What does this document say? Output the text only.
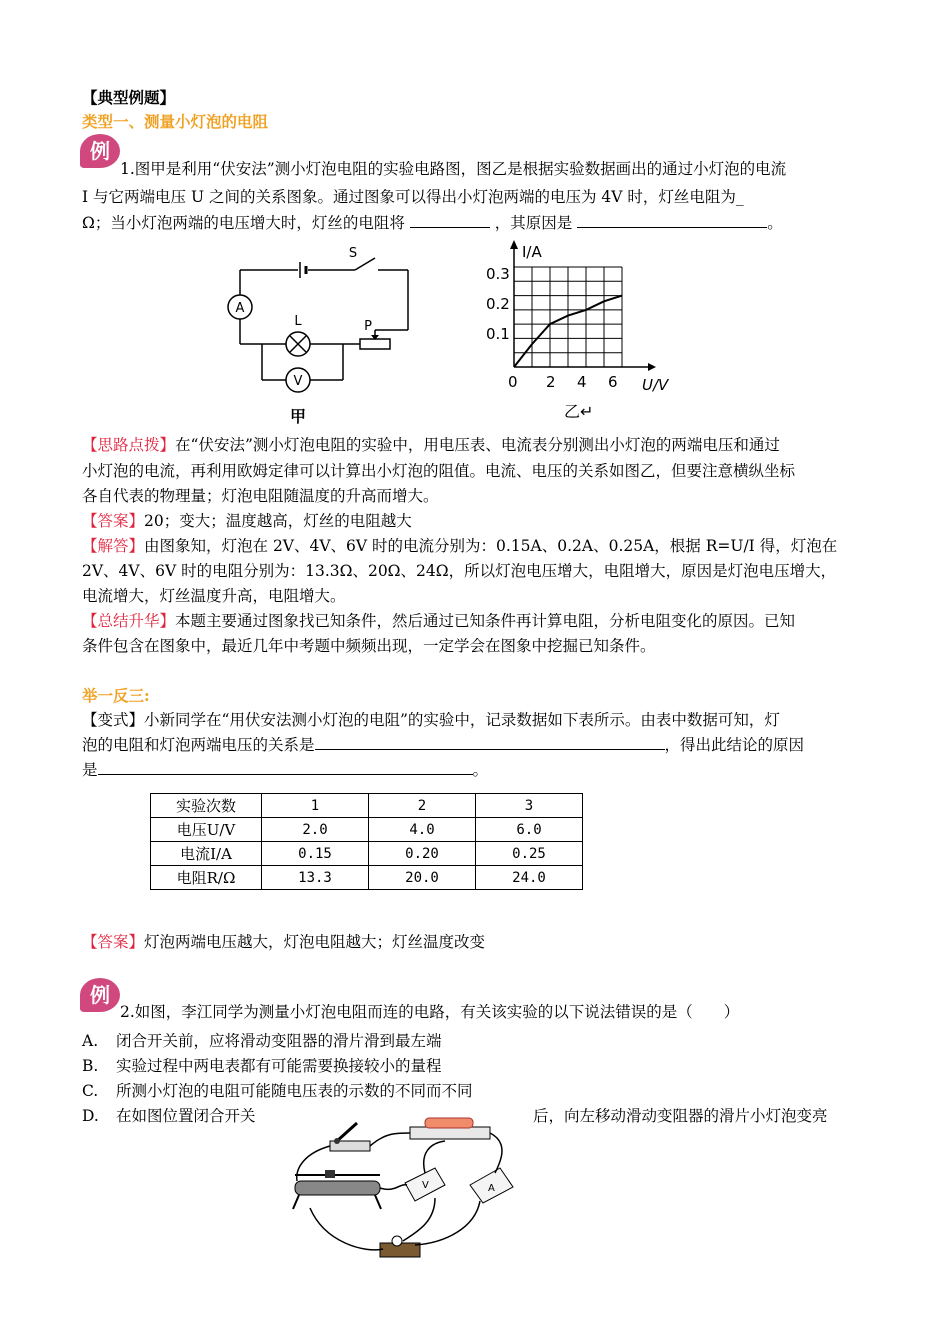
【典型例题】
类型一、测量小灯泡的电阻
例
1.图甲是利用“伏安法”测小灯泡电阻的实验电路图，图乙是根据实验数据画出的通过小灯泡的电流
I 与它两端电压 U 之间的关系图象。通过图象可以得出小灯泡两端的电压为 4V 时，灯丝电阻为_
Ω；当小灯泡两端的电压增大时，灯丝的电阻将	，其原因是	。
S
A
L	P
V
甲
I/A
U/V
0.3
0.2
0.1
0 2 4 6
乙↵
【思路点拨】在“伏安法”测小灯泡电阻的实验中，用电压表、电流表分别测出小灯泡的两端电压和通过
小灯泡的电流，再利用欧姆定律可以计算出小灯泡的阻值。电流、电压的关系如图乙，但要注意横纵坐标
各自代表的物理量；灯泡电阻随温度的升高而增大。
【答案】20；变大；温度越高，灯丝的电阻越大
【解答】由图象知，灯泡在 2V、4V、6V 时的电流分别为：0.15A、0.2A、0.25A，根据 R=U/I 得，灯泡在
2V、4V、6V 时的电阻分别为：13.3Ω、20Ω、24Ω，所以灯泡电压增大，电阻增大，原因是灯泡电压增大，
电流增大，灯丝温度升高，电阻增大。
【总结升华】本题主要通过图象找已知条件，然后通过已知条件再计算电阻，分析电阻变化的原因。已知
条件包含在图象中，最近几年中考题中频频出现，一定学会在图象中挖掘已知条件。
举一反三:
【变式】小新同学在“用伏安法测小灯泡的电阻”的实验中，记录数据如下表所示。由表中数据可知，灯
泡的电阻和灯泡两端电压的关系是	，得出此结论的原因
是	。
实验次数	1	2	3
电压U/V	2.0	4.0	6.0
电流I/A	0.15	0.20	0.25
电阻R/Ω	13.3	20.0	24.0
【答案】灯泡两端电压越大，灯泡电阻越大；灯丝温度改变
例
2.如图，李江同学为测量小灯泡电阻而连的电路，有关该实验的以下说法错误的是（　　）
A. 闭合开关前，应将滑动变阻器的滑片滑到最左端
B. 实验过程中两电表都有可能需要换接较小的量程
C. 所测小灯泡的电阻可能随电压表的示数的不同而不同
D. 在如图位置闭合开关	后，向左移动滑动变阻器的滑片小灯泡变亮
V	A
